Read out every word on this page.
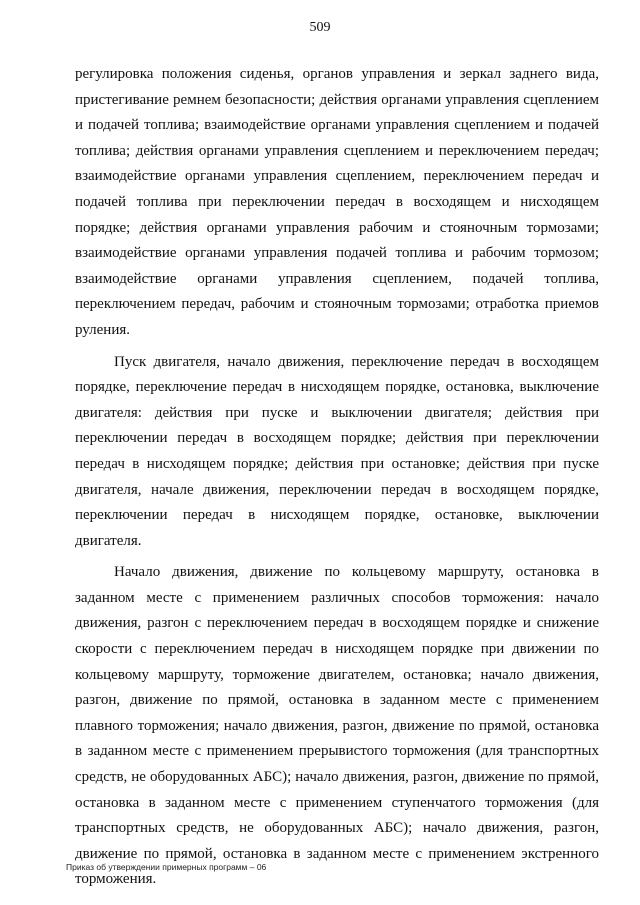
509

регулировка положения сиденья, органов управления и зеркал заднего вида, пристегивание ремнем безопасности; действия органами управления сцеплением и подачей топлива; взаимодействие органами управления сцеплением и подачей топлива; действия органами управления сцеплением и переключением передач; взаимодействие органами управления сцеплением, переключением передач и подачей топлива при переключении передач в восходящем и нисходящем порядке; действия органами управления рабочим и стояночным тормозами; взаимодействие органами управления подачей топлива и рабочим тормозом; взаимодействие органами управления сцеплением, подачей топлива, переключением передач, рабочим и стояночным тормозами; отработка приемов руления.

Пуск двигателя, начало движения, переключение передач в восходящем порядке, переключение передач в нисходящем порядке, остановка, выключение двигателя: действия при пуске и выключении двигателя; действия при переключении передач в восходящем порядке; действия при переключении передач в нисходящем порядке; действия при остановке; действия при пуске двигателя, начале движения, переключении передач в восходящем порядке, переключении передач в нисходящем порядке, остановке, выключении двигателя.

Начало движения, движение по кольцевому маршруту, остановка в заданном месте с применением различных способов торможения: начало движения, разгон с переключением передач в восходящем порядке и снижение скорости с переключением передач в нисходящем порядке при движении по кольцевому маршруту, торможение двигателем, остановка; начало движения, разгон, движение по прямой, остановка в заданном месте с применением плавного торможения; начало движения, разгон, движение по прямой, остановка в заданном месте с применением прерывистого торможения (для транспортных средств, не оборудованных АБС); начало движения, разгон, движение по прямой, остановка в заданном месте с применением ступенчатого торможения (для транспортных средств, не оборудованных АБС); начало движения, разгон, движение по прямой, остановка в заданном месте с применением экстренного торможения.

Приказ об утверждении примерных программ – 06
